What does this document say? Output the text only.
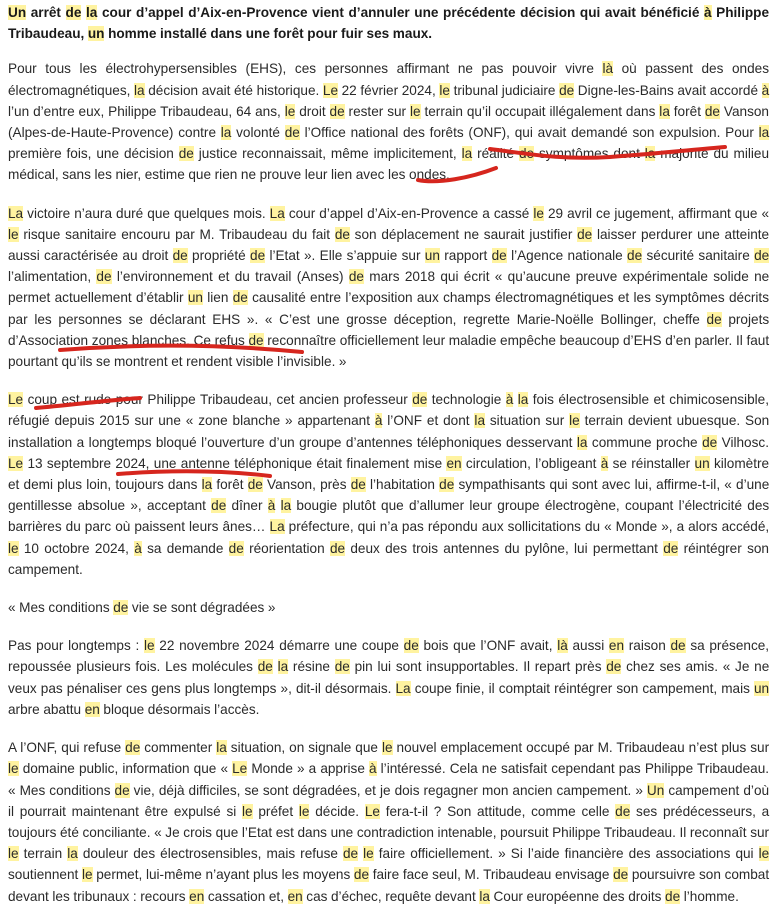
Un arrêt de la cour d’appel d’Aix-en-Provence vient d’annuler une précédente décision qui avait bénéficié à Philippe Tribaudeau, un homme installé dans une forêt pour fuir ses maux.

Pour tous les électrohypersensibles (EHS), ces personnes affirmant ne pas pouvoir vivre là où passent des ondes électromagnétiques, la décision avait été historique. Le 22 février 2024, le tribunal judiciaire de Digne-les-Bains avait accordé à l’un d’entre eux, Philippe Tribaudeau, 64 ans, le droit de rester sur le terrain qu’il occupait illégalement dans la forêt de Vanson (Alpes-de-Haute-Provence) contre la volonté de l’Office national des forêts (ONF), qui avait demandé son expulsion. Pour la première fois, une décision de justice reconnaissait, même implicitement, la réalité de symptômes dont la majorité du milieu médical, sans les nier, estime que rien ne prouve leur lien avec les ondes.

La victoire n’aura duré que quelques mois. La cour d’appel d’Aix-en-Provence a cassé le 29 avril ce jugement, affirmant que « le risque sanitaire encouru par M. Tribaudeau du fait de son déplacement ne saurait justifier de laisser perdurer une atteinte aussi caractérisée au droit de propriété de l’Etat ». Elle s’appuie sur un rapport de l’Agence nationale de sécurité sanitaire de l’alimentation, de l’environnement et du travail (Anses) de mars 2018 qui écrit « qu’aucune preuve expérimentale solide ne permet actuellement d’établir un lien de causalité entre l’exposition aux champs électromagnétiques et les symptômes décrits par les personnes se déclarant EHS ». « C’est une grosse déception, regrette Marie-Noëlle Bollinger, cheffe de projets d’Association zones blanches. Ce refus de reconnaître officiellement leur maladie empêche beaucoup d’EHS d’en parler. Il faut pourtant qu’ils se montrent et rendent visible l’invisible. »

Le coup est rude pour Philippe Tribaudeau, cet ancien professeur de technologie à la fois électrosensible et chimicosensible, réfugié depuis 2015 sur une « zone blanche » appartenant à l’ONF et dont la situation sur le terrain devient ubuesque. Son installation a longtemps bloqué l’ouverture d’un groupe d’antennes téléphoniques desservant la commune proche de Vilhosc. Le 13 septembre 2024, une antenne téléphonique était finalement mise en circulation, l’obligeant à se réinstaller un kilomètre et demi plus loin, toujours dans la forêt de Vanson, près de l’habitation de sympathisants qui sont avec lui, affirme-t-il, « d’une gentillesse absolue », acceptant de dîner à la bougie plutôt que d’allumer leur groupe électrogène, coupant l’électricité des barrières du parc où paissent leurs ânes… La préfecture, qui n’a pas répondu aux sollicitations du « Monde », a alors accédé, le 10 octobre 2024, à sa demande de réorientation de deux des trois antennes du pylône, lui permettant de réintégrer son campement.

« Mes conditions de vie se sont dégradées »

Pas pour longtemps : le 22 novembre 2024 démarre une coupe de bois que l’ONF avait, là aussi en raison de sa présence, repoussée plusieurs fois. Les molécules de la résine de pin lui sont insupportables. Il repart près de chez ses amis. « Je ne veux pas pénaliser ces gens plus longtemps », dit-il désormais. La coupe finie, il comptait réintégrer son campement, mais un arbre abattu en bloque désormais l’accès.

A l’ONF, qui refuse de commenter la situation, on signale que le nouvel emplacement occupé par M. Tribaudeau n’est plus sur le domaine public, information que « Le Monde » a apprise à l’intéressé. Cela ne satisfait cependant pas Philippe Tribaudeau. « Mes conditions de vie, déjà difficiles, se sont dégradées, et je dois regagner mon ancien campement. » Un campement d’où il pourrait maintenant être expulsé si le préfet le décide. Le fera-t-il ? Son attitude, comme celle de ses prédécesseurs, a toujours été conciliante. « Je crois que l’Etat est dans une contradiction intenable, poursuit Philippe Tribaudeau. Il reconnaît sur le terrain la douleur des électrosensibles, mais refuse de le faire officiellement. » Si l’aide financière des associations qui le soutiennent le permet, lui-même n’ayant plus les moyens de faire face seul, M. Tribaudeau envisage de poursuivre son combat devant les tribunaux : recours en cassation et, en cas d’échec, requête devant la Cour européenne des droits de l’homme.
